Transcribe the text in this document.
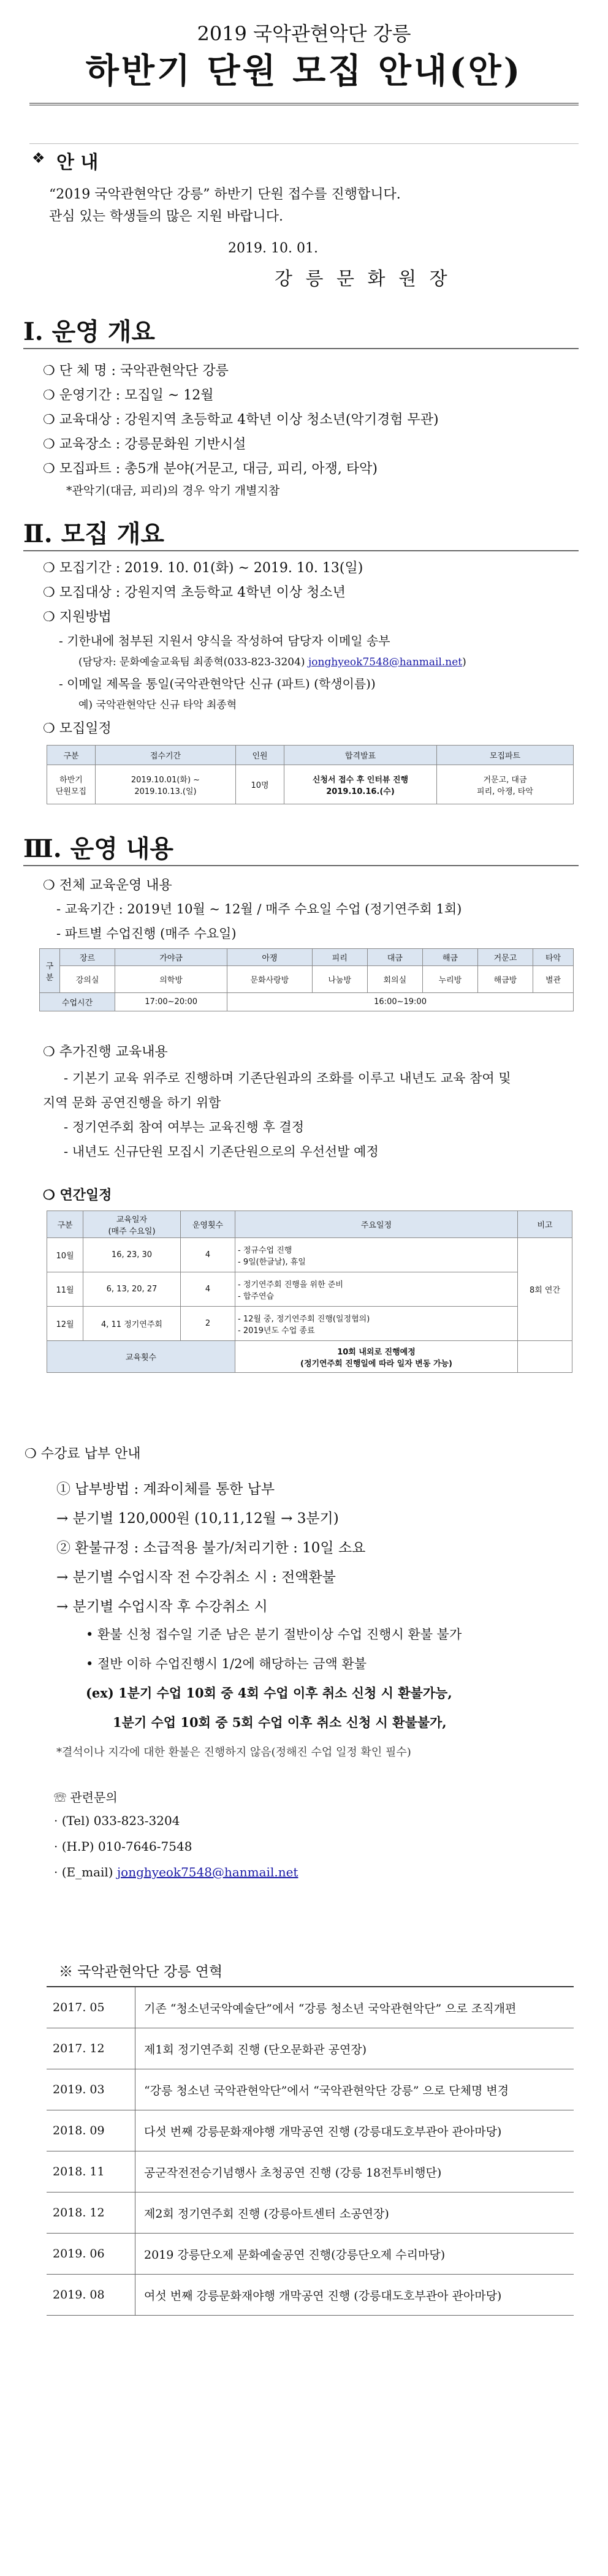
2019 국악관현악단 강릉
하반기 단원 모집 안내(안)
❖ 안 내
“2019 국악관현악단 강릉” 하반기 단원 접수를 진행합니다.
관심 있는 학생들의 많은 지원 바랍니다.
2019. 10. 01.
강 릉 문 화 원 장
Ⅰ. 운영 개요
❍ 단 체 명 : 국악관현악단 강릉
❍ 운영기간 : 모집일 ~ 12월
❍ 교육대상 : 강원지역 초등학교 4학년 이상 청소년(악기경험 무관)
❍ 교육장소 : 강릉문화원 기반시설
❍ 모집파트 : 총5개 분야(거문고, 대금, 피리, 아쟁, 타악)
*관악기(대금, 피리)의 경우 악기 개별지참
Ⅱ. 모집 개요
❍ 모집기간 : 2019. 10. 01(화) ~ 2019. 10. 13(일)
❍ 모집대상 : 강원지역 초등학교 4학년 이상 청소년
❍ 지원방법
- 기한내에 첨부된 지원서 양식을 작성하여 담당자 이메일 송부
(담당자: 문화예술교육팀 최종혁(033-823-3204) jonghyeok7548@hanmail.net)
- 이메일 제목을 통일(국악관현악단 신규 (파트) (학생이름))
예) 국악관현악단 신규 타악 최종혁
❍ 모집일정
구분	접수기간	인원	합격발표	모집파트
하반기
단원모집	2019.10.01(화) ~
2019.10.13.(일)	10명	신청서 접수 후 인터뷰 진행
2019.10.16.(수)	거문고, 대금
피리, 아쟁, 타악
Ⅲ. 운영 내용
❍ 전체 교육운영 내용
- 교육기간 : 2019년 10월 ~ 12월 / 매주 수요일 수업 (정기연주회 1회)
- 파트별 수업진행 (매주 수요일)
구분	장르	가야금	아쟁	피리	대금	해금	거문고	타악
	강의실	의학방	문화사랑방	나눔방	회의실	누리방	해금방	별관
수업시간		17:00~20:00	16:00~19:00					
❍ 추가진행 교육내용
- 기본기 교육 위주로 진행하며 기존단원과의 조화를 이루고 내년도 교육 참여 및
지역 문화 공연진행을 하기 위함
- 정기연주회 참여 여부는 교육진행 후 결정
- 내년도 신규단원 모집시 기존단원으로의 우선선발 예정
❍ 연간일정
구분	교육일자
(매주 수요일)	운영횟수	주요일정	비고
10월	16, 23, 30	4	- 정규수업 진행
- 9일(한글날), 휴일	8회 연간
11월	6, 13, 20, 27	4	- 정기연주회 진행을 위한 준비
- 합주연습	
12월	4, 11 정기연주회	2	- 12월 중, 정기연주회 진행(일정협의)
- 2019년도 수업 종료	
교육횟수			10회 내외로 진행예정
(정기연주회 진행일에 따라 일자 변동 가능)	
❍ 수강료 납부 안내
① 납부방법 : 계좌이체를 통한 납부
→ 분기별 120,000원 (10,11,12월 → 3분기)
② 환불규정 : 소급적용 불가/처리기한 : 10일 소요
→ 분기별 수업시작 전 수강취소 시 : 전액환불
→ 분기별 수업시작 후 수강취소 시
• 환불 신청 접수일 기준 남은 분기 절반이상 수업 진행시 환불 불가
• 절반 이하 수업진행시 1/2에 해당하는 금액 환불
(ex) 1분기 수업 10회 중 4회 수업 이후 취소 신청 시 환불가능,
1분기 수업 10회 중 5회 수업 이후 취소 신청 시 환불불가,
*결석이나 지각에 대한 환불은 진행하지 않음(정해진 수업 일정 확인 필수)
☏ 관련문의
· (Tel) 033-823-3204
· (H.P) 010-7646-7548
· (E_mail) jonghyeok7548@hanmail.net
※ 국악관현악단 강릉 연혁
2017. 05	기존 “청소년국악예술단”에서 “강릉 청소년 국악관현악단” 으로 조직개편
2017. 12	제1회 정기연주회 진행 (단오문화관 공연장)
2019. 03	“강릉 청소년 국악관현악단”에서 “국악관현악단 강릉” 으로 단체명 변경
2018. 09	다섯 번째 강릉문화재야행 개막공연 진행 (강릉대도호부관아 관아마당)
2018. 11	공군작전전승기념행사 초청공연 진행 (강릉 18전투비행단)
2018. 12	제2회 정기연주회 진행 (강릉아트센터 소공연장)
2019. 06	2019 강릉단오제 문화예술공연 진행(강릉단오제 수리마당)
2019. 08	여섯 번째 강릉문화재야행 개막공연 진행 (강릉대도호부관아 관아마당)
